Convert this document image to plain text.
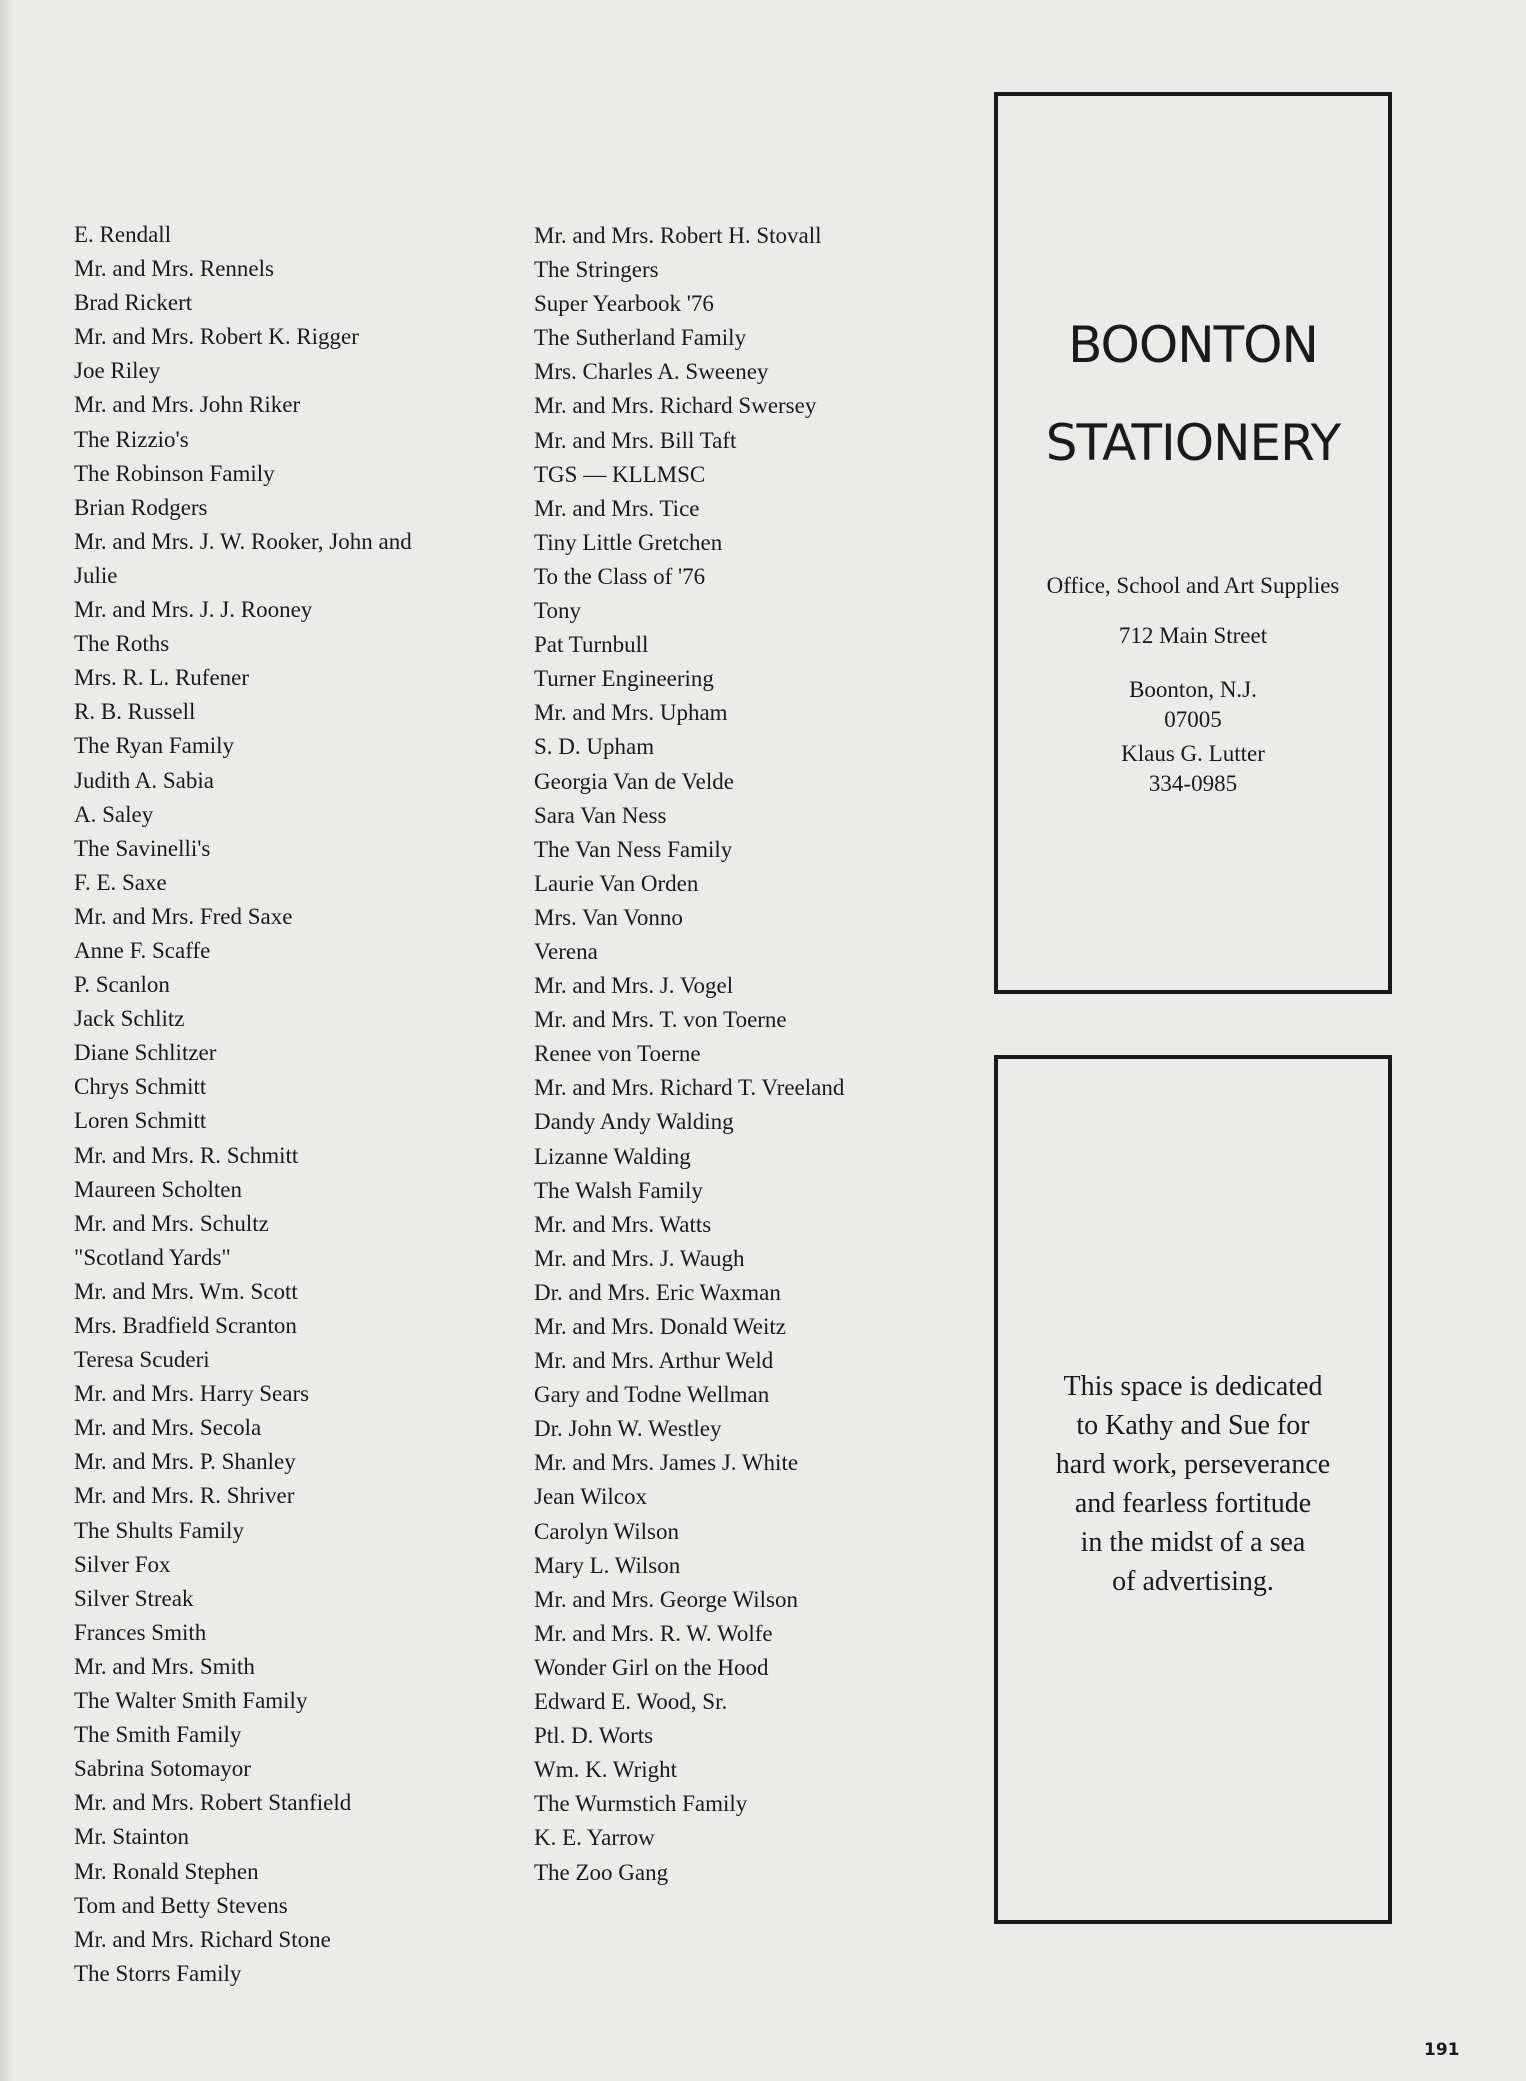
E. Rendall
Mr. and Mrs. Rennels
Brad Rickert
Mr. and Mrs. Robert K. Rigger
Joe Riley
Mr. and Mrs. John Riker
The Rizzio's
The Robinson Family
Brian Rodgers
Mr. and Mrs. J. W. Rooker, John and
Julie
Mr. and Mrs. J. J. Rooney
The Roths
Mrs. R. L. Rufener
R. B. Russell
The Ryan Family
Judith A. Sabia
A. Saley
The Savinelli's
F. E. Saxe
Mr. and Mrs. Fred Saxe
Anne F. Scaffe
P. Scanlon
Jack Schlitz
Diane Schlitzer
Chrys Schmitt
Loren Schmitt
Mr. and Mrs. R. Schmitt
Maureen Scholten
Mr. and Mrs. Schultz
"Scotland Yards"
Mr. and Mrs. Wm. Scott
Mrs. Bradfield Scranton
Teresa Scuderi
Mr. and Mrs. Harry Sears
Mr. and Mrs. Secola
Mr. and Mrs. P. Shanley
Mr. and Mrs. R. Shriver
The Shults Family
Silver Fox
Silver Streak
Frances Smith
Mr. and Mrs. Smith
The Walter Smith Family
The Smith Family
Sabrina Sotomayor
Mr. and Mrs. Robert Stanfield
Mr. Stainton
Mr. Ronald Stephen
Tom and Betty Stevens
Mr. and Mrs. Richard Stone
The Storrs Family
Mr. and Mrs. Robert H. Stovall
The Stringers
Super Yearbook '76
The Sutherland Family
Mrs. Charles A. Sweeney
Mr. and Mrs. Richard Swersey
Mr. and Mrs. Bill Taft
TGS — KLLMSC
Mr. and Mrs. Tice
Tiny Little Gretchen
To the Class of '76
Tony
Pat Turnbull
Turner Engineering
Mr. and Mrs. Upham
S. D. Upham
Georgia Van de Velde
Sara Van Ness
The Van Ness Family
Laurie Van Orden
Mrs. Van Vonno
Verena
Mr. and Mrs. J. Vogel
Mr. and Mrs. T. von Toerne
Renee von Toerne
Mr. and Mrs. Richard T. Vreeland
Dandy Andy Walding
Lizanne Walding
The Walsh Family
Mr. and Mrs. Watts
Mr. and Mrs. J. Waugh
Dr. and Mrs. Eric Waxman
Mr. and Mrs. Donald Weitz
Mr. and Mrs. Arthur Weld
Gary and Todne Wellman
Dr. John W. Westley
Mr. and Mrs. James J. White
Jean Wilcox
Carolyn Wilson
Mary L. Wilson
Mr. and Mrs. George Wilson
Mr. and Mrs. R. W. Wolfe
Wonder Girl on the Hood
Edward E. Wood, Sr.
Ptl. D. Worts
Wm. K. Wright
The Wurmstich Family
K. E. Yarrow
The Zoo Gang
BOONTON
STATIONERY
Office, School and Art Supplies
712 Main Street
Boonton, N.J.
07005
Klaus G. Lutter
334-0985
This space is dedicated
to Kathy and Sue for
hard work, perseverance
and fearless fortitude
in the midst of a sea
of advertising.
191
